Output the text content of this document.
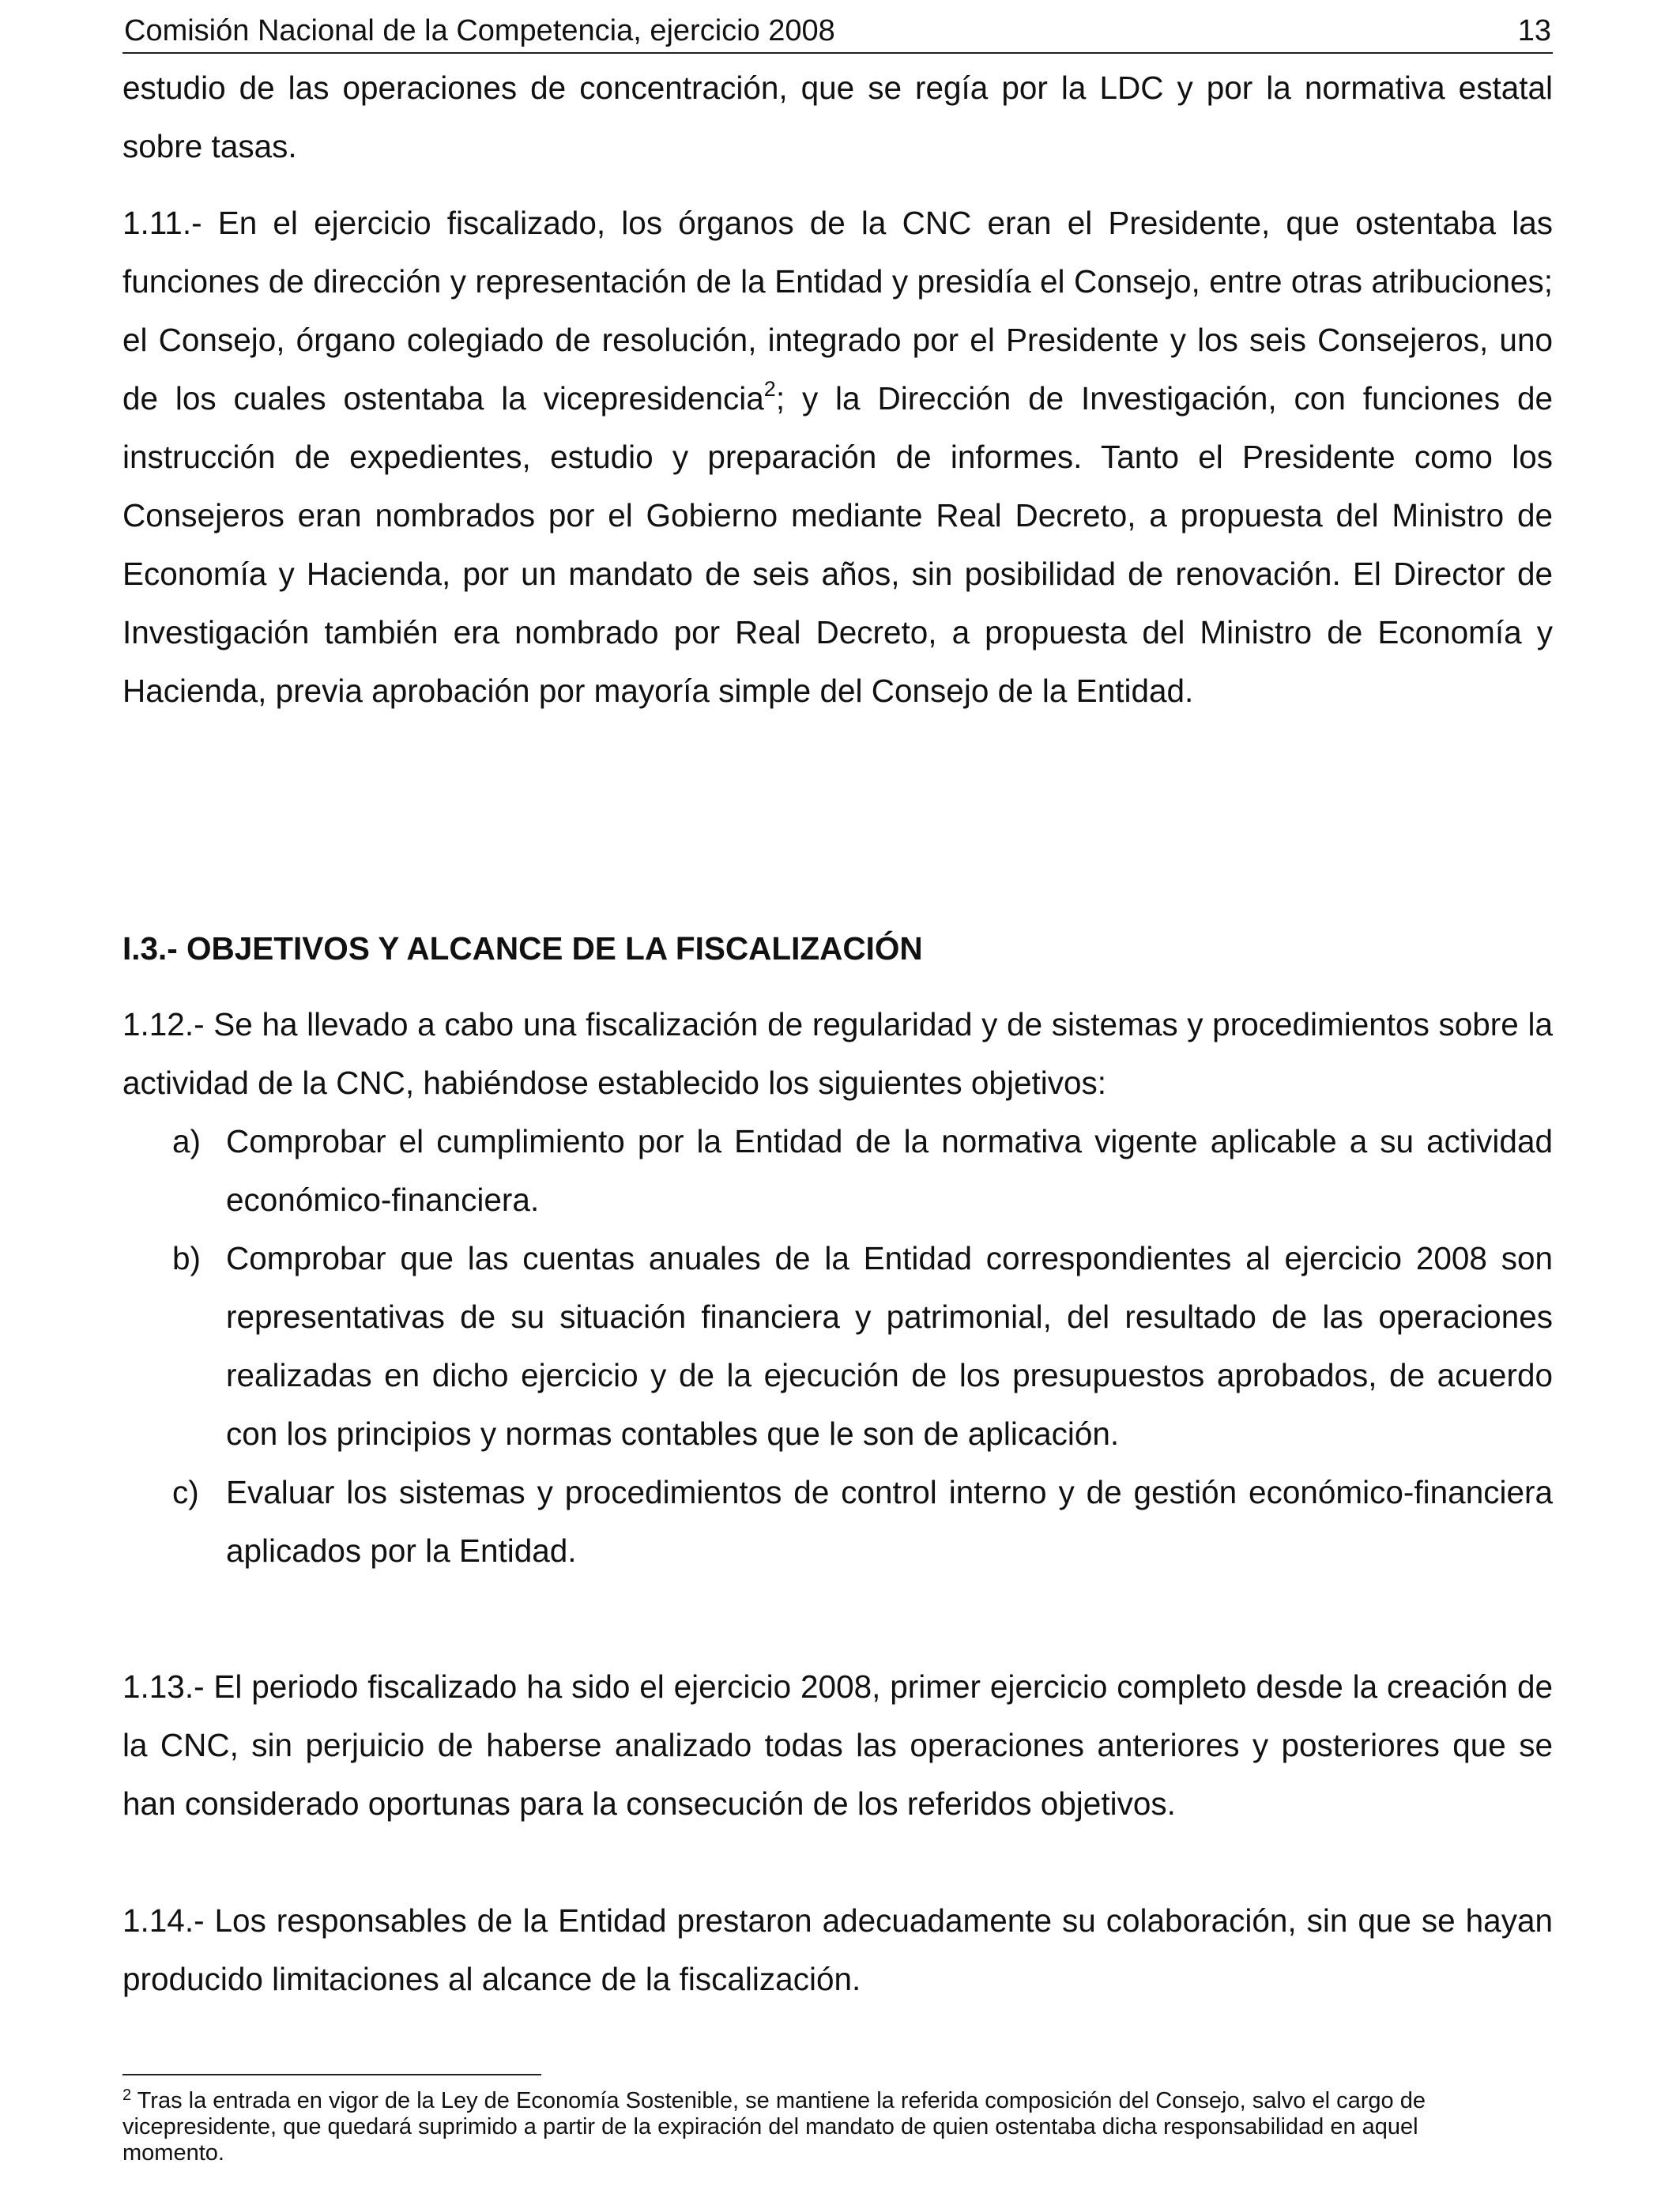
Comisión Nacional de la Competencia, ejercicio 2008	13

estudio de las operaciones de concentración, que se regía por la LDC y por la normativa estatal sobre tasas.

1.11.- En el ejercicio fiscalizado, los órganos de la CNC eran el Presidente, que ostentaba las funciones de dirección y representación de la Entidad y presidía el Consejo, entre otras atribuciones; el Consejo, órgano colegiado de resolución, integrado por el Presidente y los seis Consejeros, uno de los cuales ostentaba la vicepresidencia$^2$; y la Dirección de Investigación, con funciones de instrucción de expedientes, estudio y preparación de informes. Tanto el Presidente como los Consejeros eran nombrados por el Gobierno mediante Real Decreto, a propuesta del Ministro de Economía y Hacienda, por un mandato de seis años, sin posibilidad de renovación. El Director de Investigación también era nombrado por Real Decreto, a propuesta del Ministro de Economía y Hacienda, previa aprobación por mayoría simple del Consejo de la Entidad.

I.3.- OBJETIVOS Y ALCANCE DE LA FISCALIZACIÓN

1.12.- Se ha llevado a cabo una fiscalización de regularidad y de sistemas y procedimientos sobre la actividad de la CNC, habiéndose establecido los siguientes objetivos:

a) Comprobar el cumplimiento por la Entidad de la normativa vigente aplicable a su actividad económico-financiera.

b) Comprobar que las cuentas anuales de la Entidad correspondientes al ejercicio 2008 son representativas de su situación financiera y patrimonial, del resultado de las operaciones realizadas en dicho ejercicio y de la ejecución de los presupuestos aprobados, de acuerdo con los principios y normas contables que le son de aplicación.

c) Evaluar los sistemas y procedimientos de control interno y de gestión económico-financiera aplicados por la Entidad.

1.13.- El periodo fiscalizado ha sido el ejercicio 2008, primer ejercicio completo desde la creación de la CNC, sin perjuicio de haberse analizado todas las operaciones anteriores y posteriores que se han considerado oportunas para la consecución de los referidos objetivos.

1.14.- Los responsables de la Entidad prestaron adecuadamente su colaboración, sin que se hayan producido limitaciones al alcance de la fiscalización.

$^2$ Tras la entrada en vigor de la Ley de Economía Sostenible, se mantiene la referida composición del Consejo, salvo el cargo de vicepresidente, que quedará suprimido a partir de la expiración del mandato de quien ostentaba dicha responsabilidad en aquel momento.
